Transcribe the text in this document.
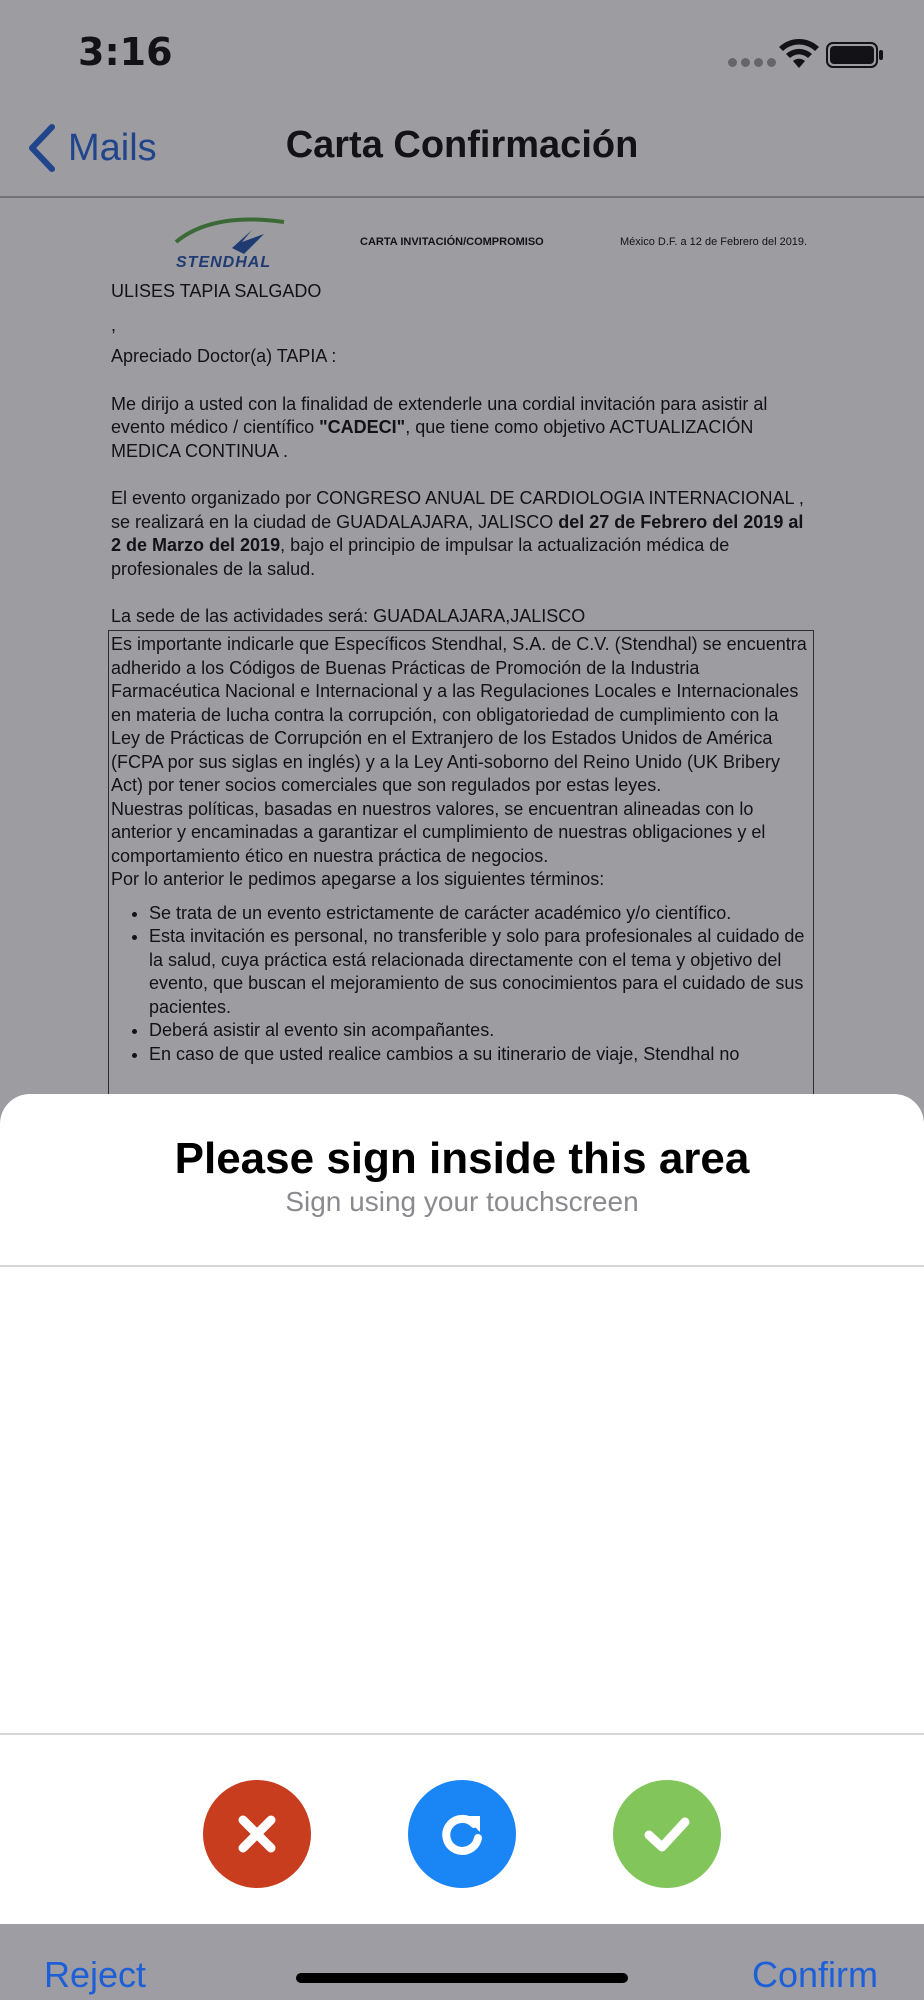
3:16
Mails	Carta Confirmación
STENDHAL
CARTA INVITACIÓN/COMPROMISO	México D.F. a 12 de Febrero del 2019.

ULISES TAPIA SALGADO

,

Apreciado Doctor(a) TAPIA :

Me dirijo a usted con la finalidad de extenderle una cordial invitación para asistir al evento médico / científico "CADECI", que tiene como objetivo ACTUALIZACIÓN MEDICA CONTINUA .

El evento organizado por CONGRESO ANUAL DE CARDIOLOGIA INTERNACIONAL , se realizará en la ciudad de GUADALAJARA, JALISCO del 27 de Febrero del 2019 al 2 de Marzo del 2019, bajo el principio de impulsar la actualización médica de profesionales de la salud.

La sede de las actividades será: GUADALAJARA,JALISCO

Es importante indicarle que Específicos Stendhal, S.A. de C.V. (Stendhal) se encuentra adherido a los Códigos de Buenas Prácticas de Promoción de la Industria Farmacéutica Nacional e Internacional y a las Regulaciones Locales e Internacionales en materia de lucha contra la corrupción, con obligatoriedad de cumplimiento con la Ley de Prácticas de Corrupción en el Extranjero de los Estados Unidos de América (FCPA por sus siglas en inglés) y a la Ley Anti-soborno del Reino Unido (UK Bribery Act) por tener socios comerciales que son regulados por estas leyes.
Nuestras políticas, basadas en nuestros valores, se encuentran alineadas con lo anterior y encaminadas a garantizar el cumplimiento de nuestras obligaciones y el comportamiento ético en nuestra práctica de negocios.
Por lo anterior le pedimos apegarse a los siguientes términos:
• Se trata de un evento estrictamente de carácter académico y/o científico.
• Esta invitación es personal, no transferible y solo para profesionales al cuidado de la salud, cuya práctica está relacionada directamente con el tema y objetivo del evento, que buscan el mejoramiento de sus conocimientos para el cuidado de sus pacientes.
• Deberá asistir al evento sin acompañantes.
• En caso de que usted realice cambios a su itinerario de viaje, Stendhal no
Please sign inside this area
Sign using your touchscreen
Reject	Confirm
